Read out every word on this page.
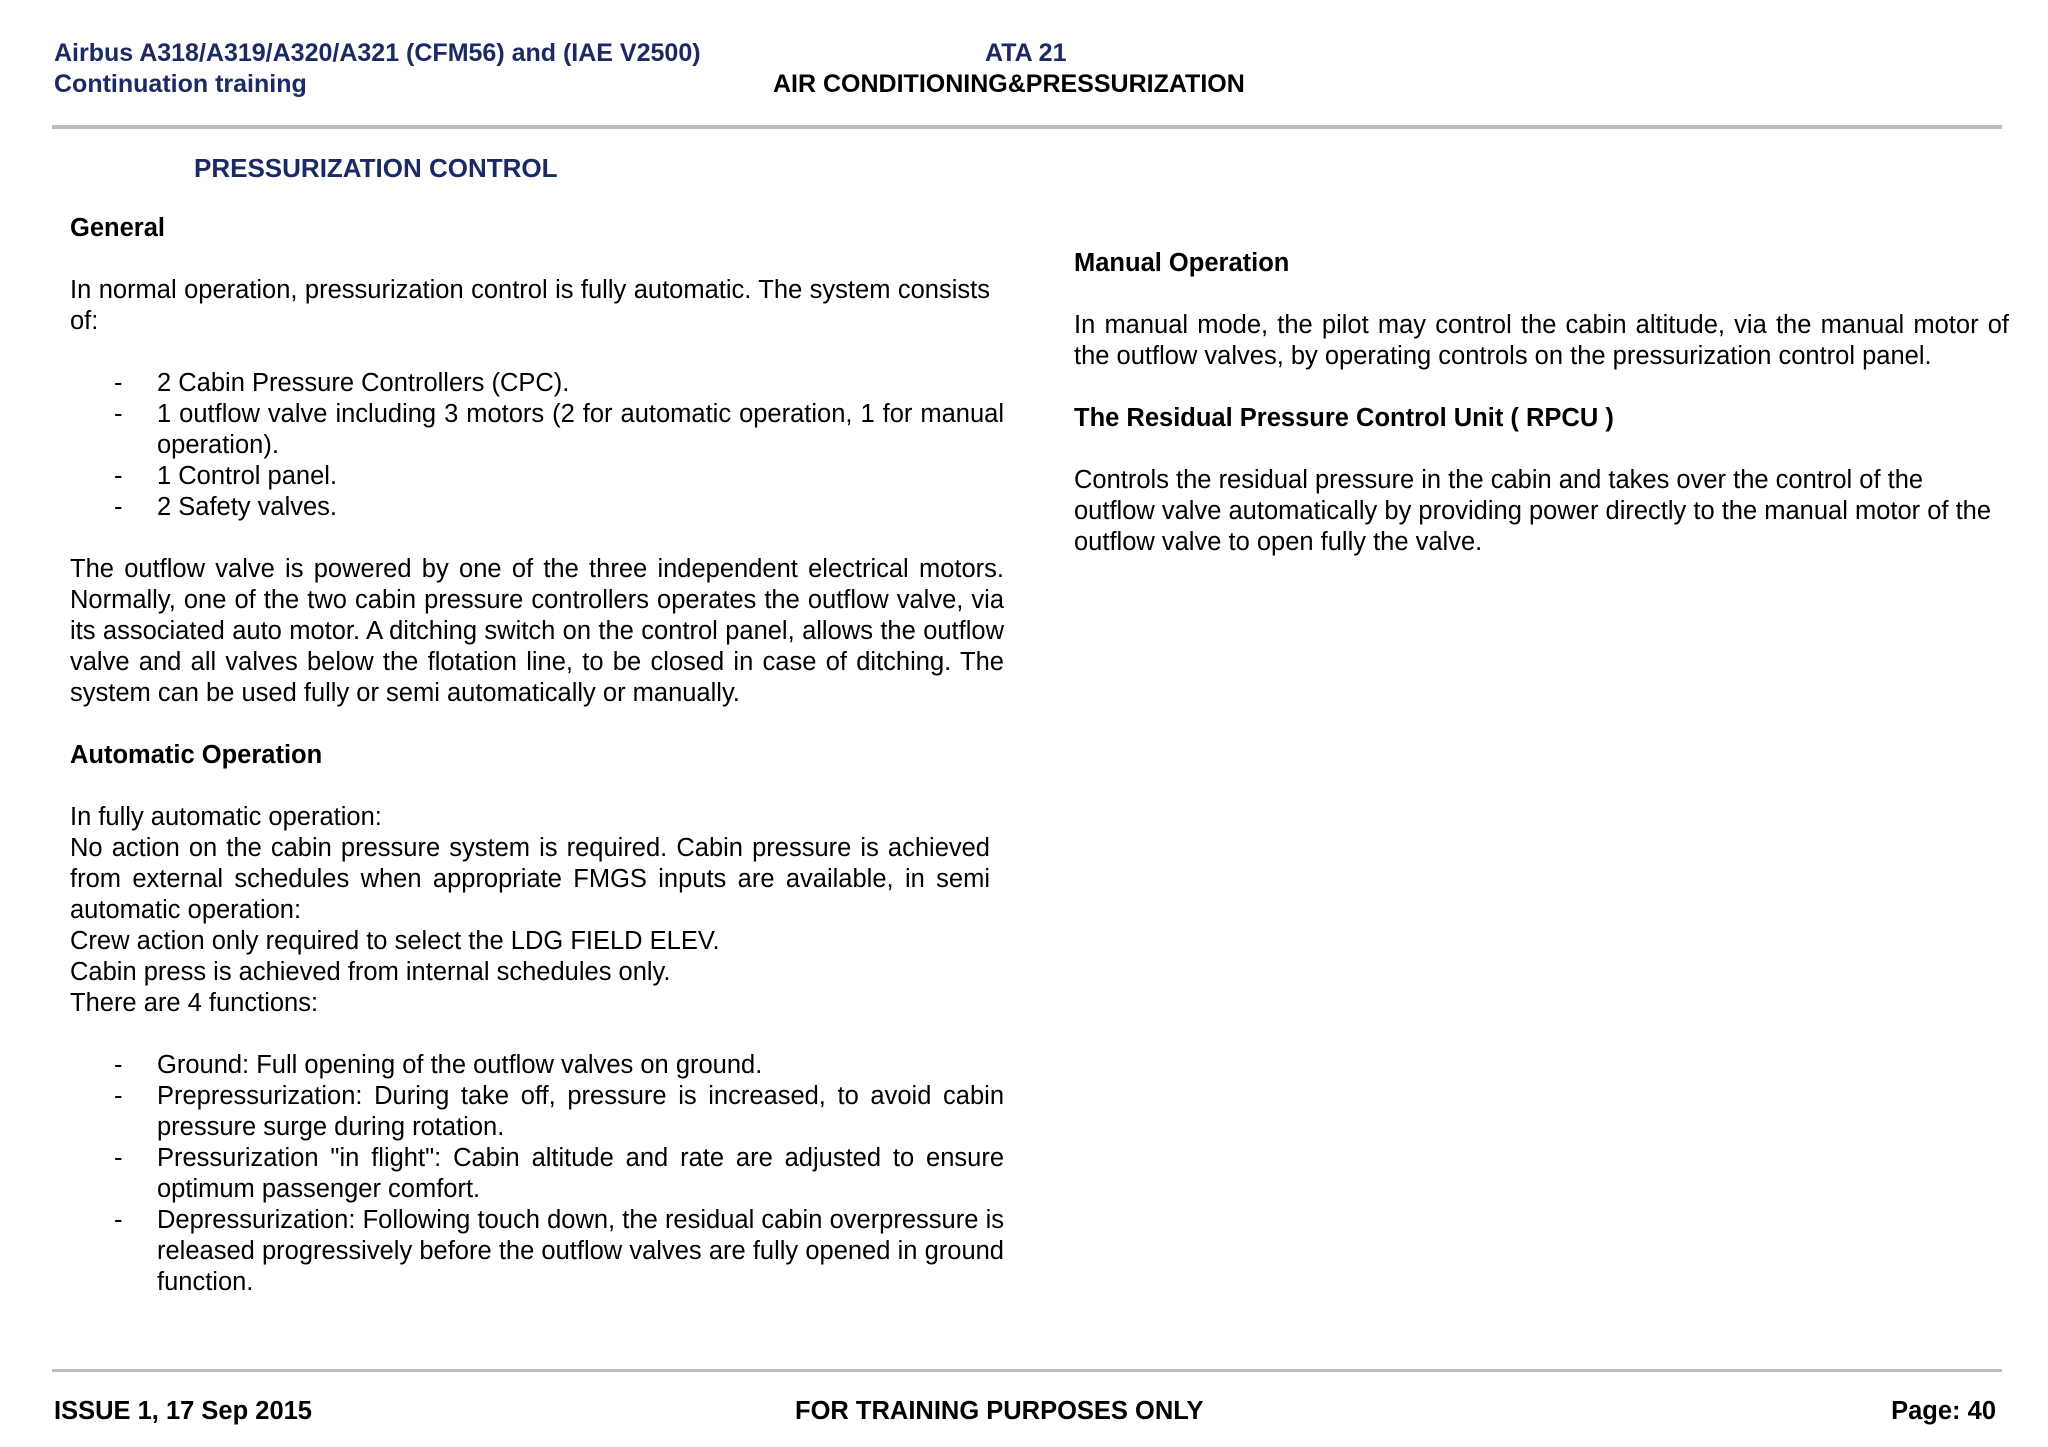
Airbus A318/A319/A320/A321 (CFM56) and (IAE V2500)
Continuation training
ATA 21
AIR CONDITIONING&PRESSURIZATION
PRESSURIZATION CONTROL

General

In normal operation, pressurization control is fully automatic. The system consists of:

- 2 Cabin Pressure Controllers (CPC).
- 1 outflow valve including 3 motors (2 for automatic operation, 1 for manual operation).
- 1 Control panel.
- 2 Safety valves.

The outflow valve is powered by one of the three independent electrical motors. Normally, one of the two cabin pressure controllers operates the outflow valve, via its associated auto motor. A ditching switch on the control panel, allows the outflow valve and all valves below the flotation line, to be closed in case of ditching. The system can be used fully or semi automatically or manually.

Automatic Operation

In fully automatic operation:

No action on the cabin pressure system is required. Cabin pressure is achieved from external schedules when appropriate FMGS inputs are available, in semi automatic operation:

Crew action only required to select the LDG FIELD ELEV.

Cabin press is achieved from internal schedules only.

There are 4 functions:

- Ground: Full opening of the outflow valves on ground.
- Prepressurization: During take off, pressure is increased, to avoid cabin pressure surge during rotation.
- Pressurization "in flight": Cabin altitude and rate are adjusted to ensure optimum passenger comfort.
- Depressurization: Following touch down, the residual cabin overpressure is released progressively before the outflow valves are fully opened in ground function.

Manual Operation

In manual mode, the pilot may control the cabin altitude, via the manual motor of the outflow valves, by operating controls on the pressurization control panel.

The Residual Pressure Control Unit ( RPCU )

Controls the residual pressure in the cabin and takes over the control of the outflow valve automatically by providing power directly to the manual motor of the outflow valve to open fully the valve.

ISSUE 1, 17 Sep 2015	FOR TRAINING PURPOSES ONLY	Page: 40
